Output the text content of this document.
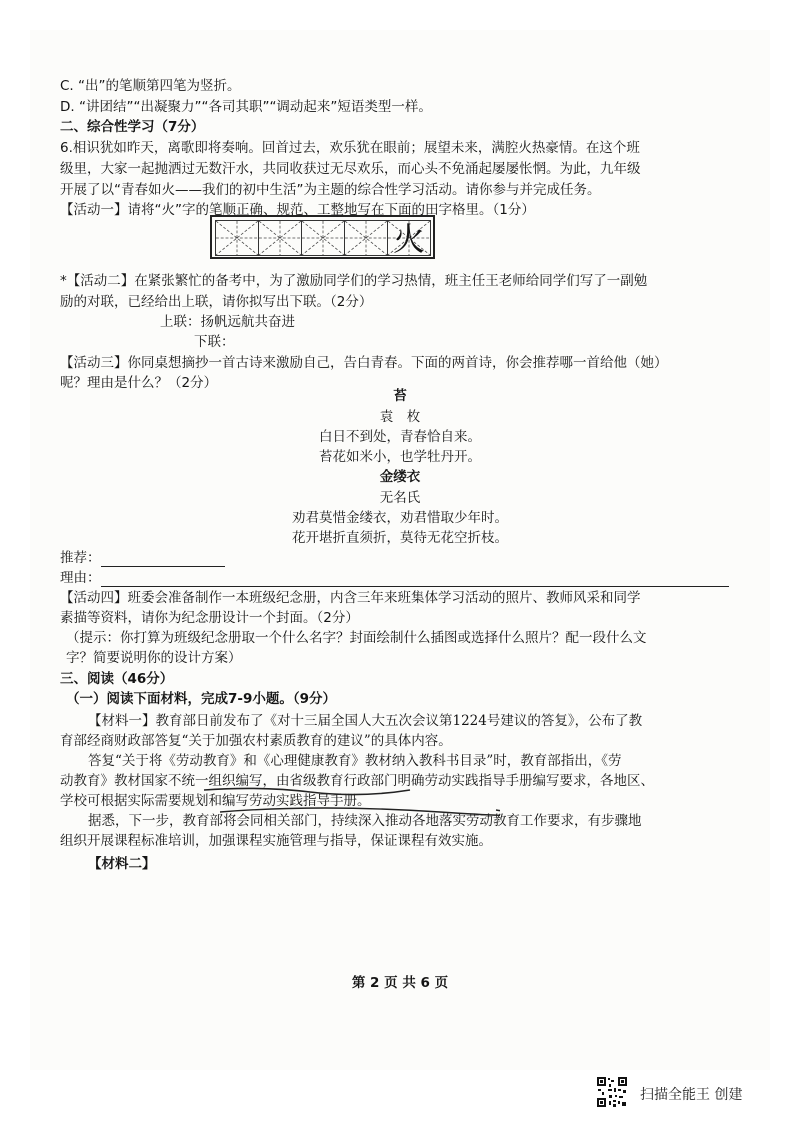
C. “出”的笔顺第四笔为竖折。
D. “讲团结”“出凝聚力”“各司其职”“调动起来”短语类型一样。
二、综合性学习（7分）
6.相识犹如昨天，离歌即将奏响。回首过去，欢乐犹在眼前；展望未来，满腔火热豪情。在这个班
级里，大家一起抛洒过无数汗水，共同收获过无尽欢乐，而心头不免涌起屡屡怅惘。为此，九年级
开展了以“青春如火——我们的初中生活”为主题的综合性学习活动。请你参与并完成任务。
【活动一】请将“火”字的笔顺正确、规范、工整地写在下面的田字格里。（1分）
火
*【活动二】在紧张繁忙的备考中，为了激励同学们的学习热情，班主任王老师给同学们写了一副勉
励的对联，已经给出上联，请你拟写出下联。（2分）
上联：扬帆远航共奋进
下联：
【活动三】你同桌想摘抄一首古诗来激励自己，告白青春。下面的两首诗，你会推荐哪一首给他（她）
呢？理由是什么？（2分）
苔
袁　枚
白日不到处，青春恰自来。
苔花如米小，也学牡丹开。
金缕衣
无名氏
劝君莫惜金缕衣，劝君惜取少年时。
花开堪折直须折，莫待无花空折枝。
推荐：
理由：
【活动四】班委会准备制作一本班级纪念册，内含三年来班集体学习活动的照片、教师风采和同学
素描等资料，请你为纪念册设计一个封面。（2分）
（提示：你打算为班级纪念册取一个什么名字？封面绘制什么插图或选择什么照片？配一段什么文
字？简要说明你的设计方案）
三、阅读（46分）
（一）阅读下面材料，完成7-9小题。（9分）
【材料一】教育部日前发布了《对十三届全国人大五次会议第1224号建议的答复》，公布了教
育部经商财政部答复“关于加强农村素质教育的建议”的具体内容。
答复“关于将《劳动教育》和《心理健康教育》教材纳入教科书目录”时，教育部指出，《劳
动教育》教材国家不统一组织编写，由省级教育行政部门明确劳动实践指导手册编写要求，各地区、
学校可根据实际需要规划和编写劳动实践指导手册。
据悉，下一步，教育部将会同相关部门，持续深入推动各地落实劳动教育工作要求，有步骤地
组织开展课程标准培训，加强课程实施管理与指导，保证课程有效实施。
【材料二】
第 2 页 共 6 页
扫描全能王 创建
